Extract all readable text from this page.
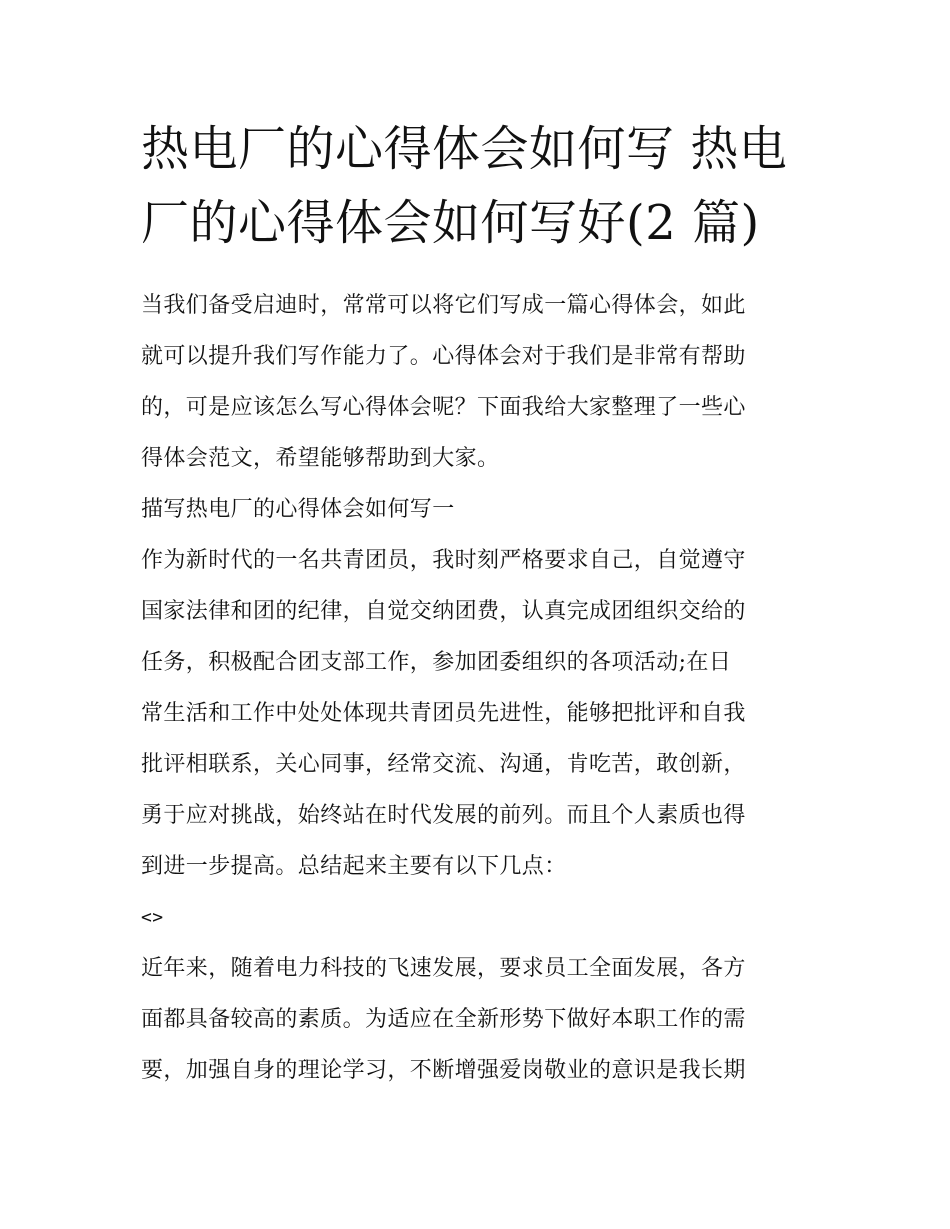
热电厂的心得体会如何写 热电
厂的心得体会如何写好(2 篇)
当我们备受启迪时，常常可以将它们写成一篇心得体会，如此
就可以提升我们写作能力了。心得体会对于我们是非常有帮助
的，可是应该怎么写心得体会呢？下面我给大家整理了一些心
得体会范文，希望能够帮助到大家。
描写热电厂的心得体会如何写一
作为新时代的一名共青团员，我时刻严格要求自己，自觉遵守
国家法律和团的纪律，自觉交纳团费，认真完成团组织交给的
任务，积极配合团支部工作，参加团委组织的各项活动;在日
常生活和工作中处处体现共青团员先进性，能够把批评和自我
批评相联系，关心同事，经常交流、沟通，肯吃苦，敢创新，
勇于应对挑战，始终站在时代发展的前列。而且个人素质也得
到进一步提高。总结起来主要有以下几点：
<>
近年来，随着电力科技的飞速发展，要求员工全面发展，各方
面都具备较高的素质。为适应在全新形势下做好本职工作的需
要，加强自身的理论学习，不断增强爱岗敬业的意识是我长期
